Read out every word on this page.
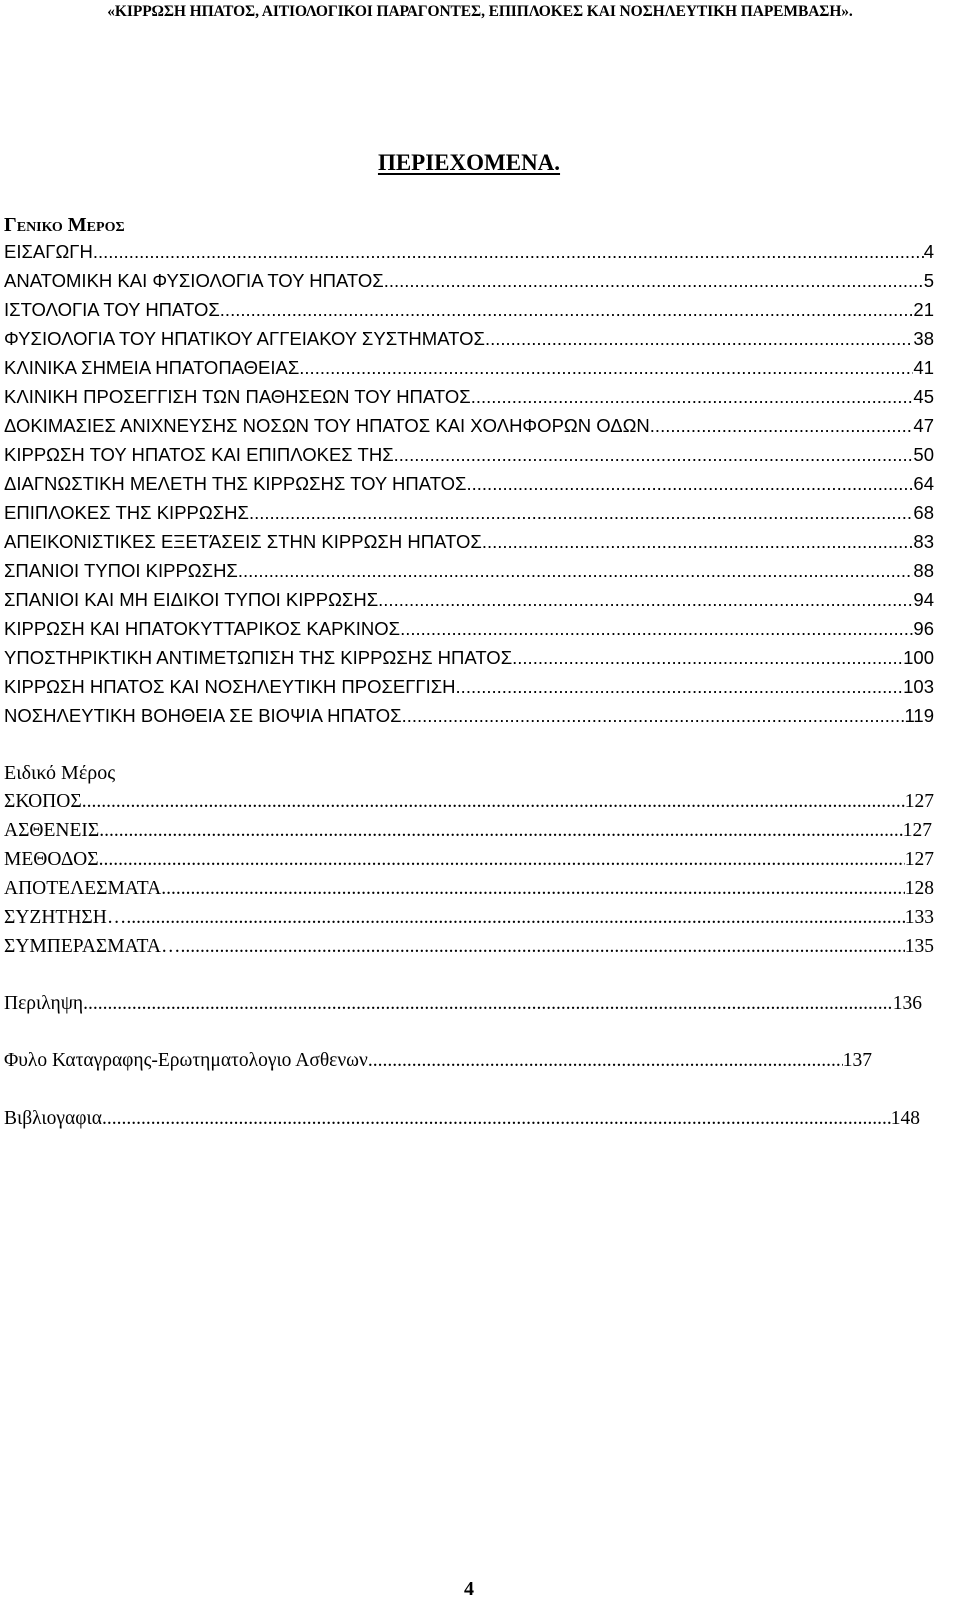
«ΚΙΡΡΩΣΗ ΗΠΑΤΟΣ, ΑΙΤΙΟΛΟΓΙΚΟΙ ΠΑΡΑΓΟΝΤΕΣ, ΕΠΙΠΛΟΚΕΣ ΚΑΙ ΝΟΣΗΛΕΥΤΙΚΗ ΠΑΡΕΜΒΑΣΗ».
ΠΕΡΙΕΧΟΜΕΝΑ.
Γενικο Μερος
ΕΙΣΑΓΩΓΗ .....	4
ΑΝΑΤΟΜΙΚΗ ΚΑΙ ΦΥΣΙΟΛΟΓΙΑ ΤΟΥ ΗΠΑΤΟΣ .....	5
ΙΣΤΟΛΟΓΙΑ ΤΟΥ ΗΠΑΤΟΣ .....	21
ΦΥΣΙΟΛΟΓΙΑ ΤΟΥ ΗΠΑΤΙΚΟΥ ΑΓΓΕΙΑΚΟΥ ΣΥΣΤΗΜΑΤΟΣ .....	38
ΚΛΙΝΙΚΑ ΣΗΜΕΙΑ ΗΠΑΤΟΠΑΘΕΙΑΣ .....	41
ΚΛΙΝΙΚΗ ΠΡΟΣΕΓΓΙΣΗ ΤΩΝ ΠΑΘΗΣΕΩΝ ΤΟΥ ΗΠΑΤΟΣ .....	45
ΔΟΚΙΜΑΣΙΕΣ ΑΝΙΧΝΕΥΣΗΣ ΝΟΣΩΝ ΤΟΥ ΗΠΑΤΟΣ ΚΑΙ ΧΟΛΗΦΟΡΩΝ ΟΔΩΝ .....	47
ΚΙΡΡΩΣΗ ΤΟΥ ΗΠΑΤΟΣ ΚΑΙ ΕΠΙΠΛΟΚΕΣ ΤΗΣ .....	50
ΔΙΑΓΝΩΣΤΙΚΗ ΜΕΛΕΤΗ ΤΗΣ ΚΙΡΡΩΣΗΣ ΤΟΥ ΗΠΑΤΟΣ .....	64
ΕΠΙΠΛΟΚΕΣ ΤΗΣ ΚΙΡΡΩΣΗΣ .....	68
ΑΠΕΙΚΟΝΙΣΤΙΚΕΣ ΕΞΕΤΆΣΕΙΣ ΣΤΗΝ ΚΙΡΡΩΣΗ ΗΠΑΤΟΣ .....	83
ΣΠΑΝΙΟΙ ΤΥΠΟΙ ΚΙΡΡΩΣΗΣ .....	88
ΣΠΑΝΙΟΙ ΚΑΙ ΜΗ ΕΙΔΙΚΟΙ ΤΥΠΟΙ ΚΙΡΡΩΣΗΣ .....	94
ΚΙΡΡΩΣΗ ΚΑΙ ΗΠΑΤΟΚΥΤΤΑΡΙΚΟΣ ΚΑΡΚΙΝΟΣ .....	96
ΥΠΟΣΤΗΡΙΚΤΙΚΗ ΑΝΤΙΜΕΤΩΠΙΣΗ ΤΗΣ ΚΙΡΡΩΣΗΣ ΗΠΑΤΟΣ .....	100
ΚΙΡΡΩΣΗ ΗΠΑΤΟΣ ΚΑΙ ΝΟΣΗΛΕΥΤΙΚΗ ΠΡΟΣΕΓΓΙΣΗ .....	103
ΝΟΣΗΛΕΥΤΙΚΗ ΒΟΗΘΕΙΑ ΣΕ ΒΙΟΨΙΑ ΗΠΑΤΟΣ .....	119
Ειδικό Μέρος
ΣΚΟΠΟΣ .....	127
ΑΣΘΕΝΕΙΣ .....	127
ΜΕΘΟΔΟΣ .....	127
ΑΠΟΤΕΛΕΣΜΑΤΑ .....	128
ΣΥΖΗΤΗΣΗ… .....	133
ΣΥΜΠΕΡΑΣΜΑΤΑ… .....	135
Περιληψη .....	136
Φυλο Καταγραφης-Ερωτηματολογιο Ασθενων .....	137
Βιβλιογαφια .....	148
4
